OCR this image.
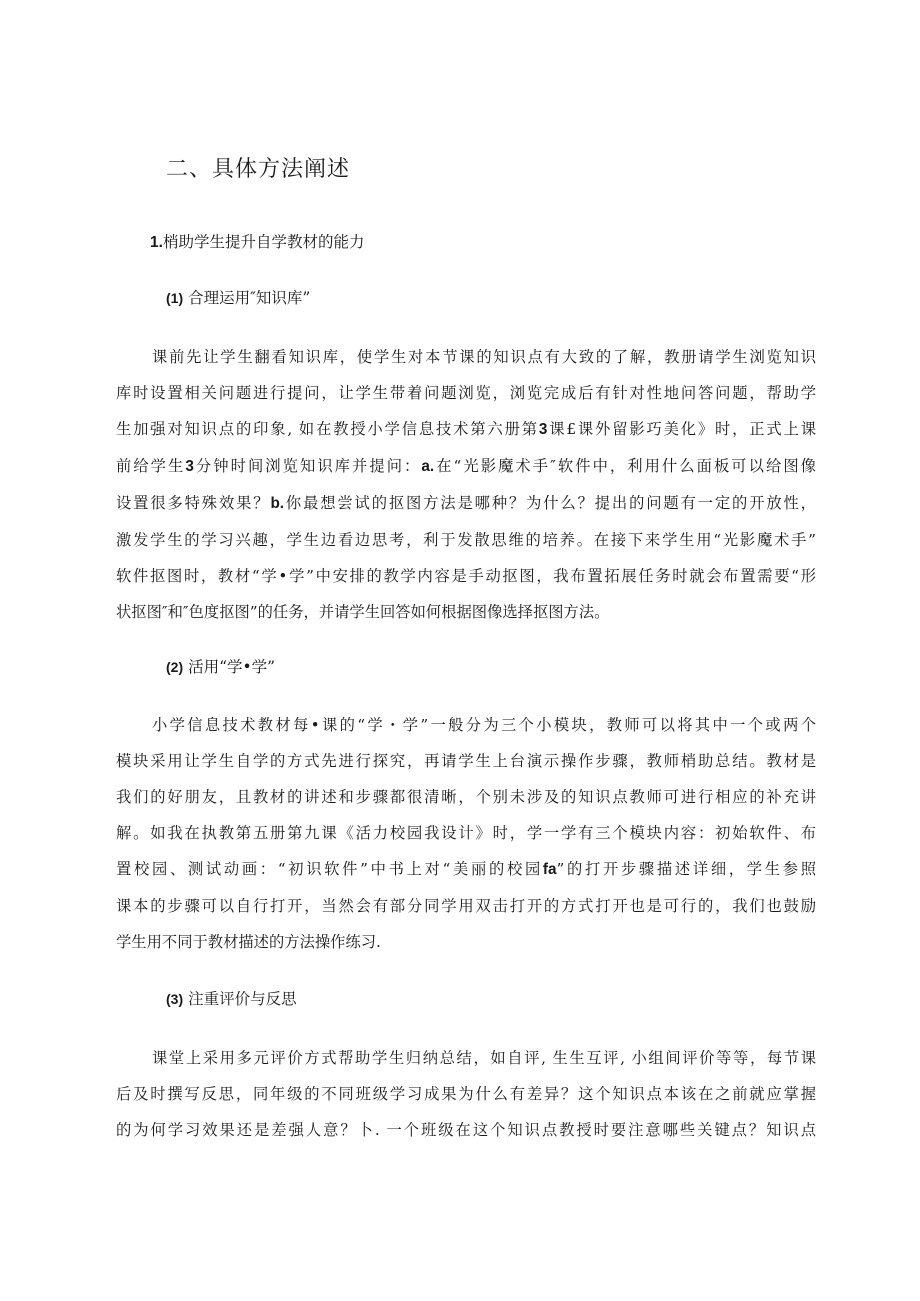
二、具体方法阐述

1.梢助学生提升自学教材的能力

(1) 合理运用″知识库”

课前先让学生翻看知识库，使学生对本节课的知识点有大致的了解，教册请学生浏览知识
库时设置相关问题进行提问，让学生带着问题浏览，浏览完成后有针对性地问答问题，帮助学
生加强对知识点的印象, 如在教授小学信息技术第六册第3课£课外留影巧美化》时，正式上课
前给学生3分钟时间浏览知识库并提问：a.在“光影魔术手″软件中，利用什么面板可以给图像
设置很多特殊效果？b.你最想尝试的抠图方法是哪种？为什么？提出的问题有一定的开放性，
激发学生的学习兴趣，学生边看边思考，利于发散思维的培养。在接下来学生用“光影魔术手”
软件抠图时，教材“学•学”中安排的教学内容是手动抠图，我布置拓展任务时就会布置需要“形
状抠图″和″色度抠图”的任务，并请学生回答如何根据图像选择抠图方法。

(2) 活用“学•学”

小学信息技术教材每•课的“学・学”一般分为三个小模块，教师可以将其中一个或两个
模块采用让学生自学的方式先进行探究，再请学生上台演示操作步骤，教师梢助总结。教材是
我们的好朋友，且教材的讲述和步骤都很清晰，个别未涉及的知识点教师可进行相应的补充讲
解。如我在执教第五册第九课《活力校园我设计》时，学一学有三个模块内容：初始软件、布
置校园、测试动画：“初识软件”中书上对“美丽的校园fa”的打开步骤描述详细，学生参照
课本的步骤可以自行打开，当然会有部分同学用双击打开的方式打开也是可行的，我们也鼓励
学生用不同于教材描述的方法操作练习.

(3) 注重评价与反思

课堂上采用多元评价方式帮助学生归纳总结，如自评, 生生互评, 小组间评价等等，每节课
后及时撰写反思，同年级的不同班级学习成果为什么有差异？这个知识点本该在之前就应掌握
的为何学习效果还是差强人意？卜. 一个班级在这个知识点教授时要注意哪些关键点？知识点
